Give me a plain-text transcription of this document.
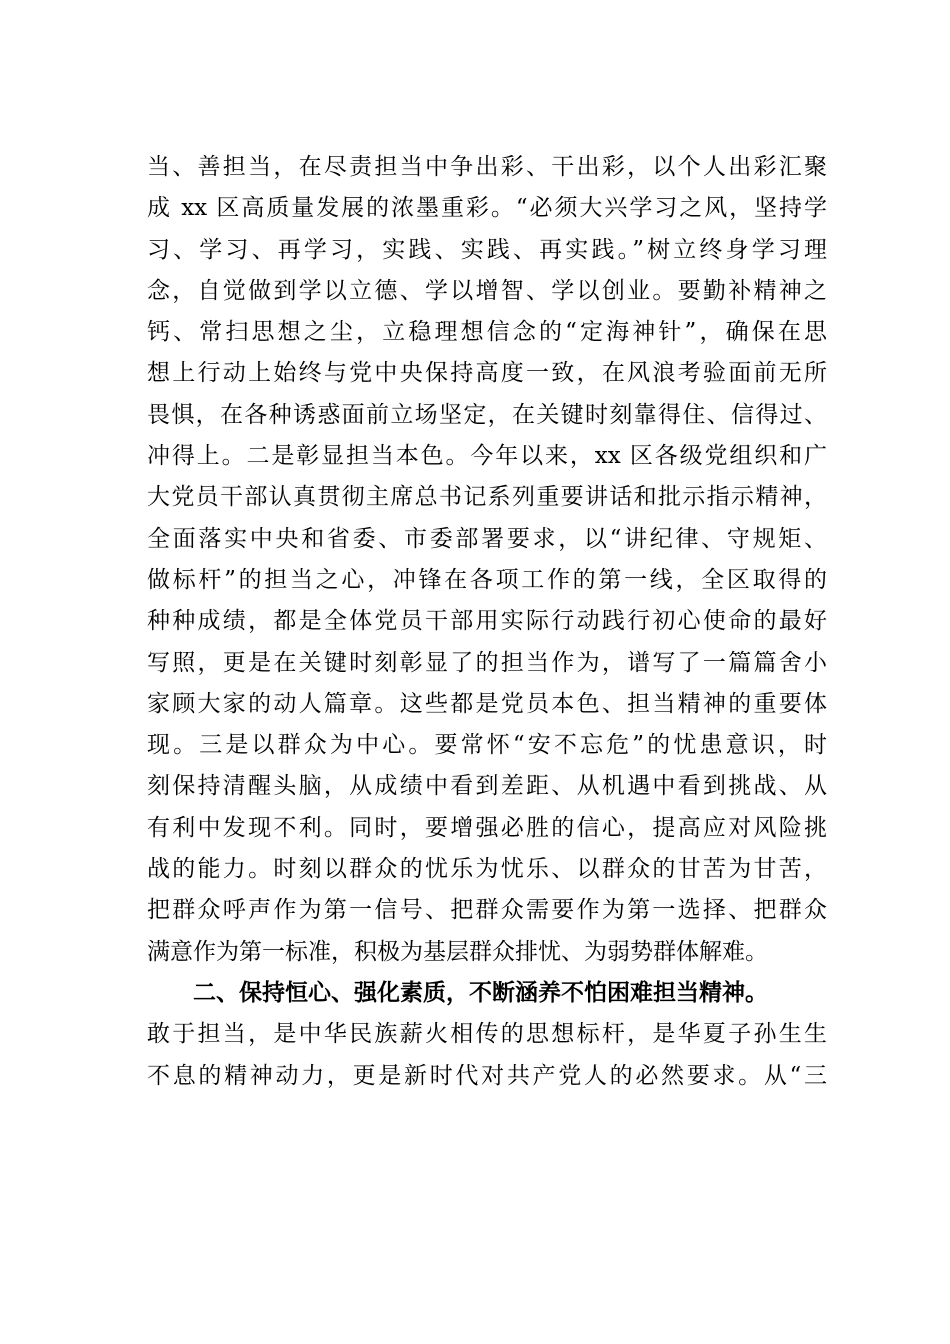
当、善担当，在尽责担当中争出彩、干出彩，以个人出彩汇聚
成 xx 区高质量发展的浓墨重彩。“必须大兴学习之风，坚持学
习、学习、再学习，实践、实践、再实践。”树立终身学习理
念，自觉做到学以立德、学以增智、学以创业。要勤补精神之
钙、常扫思想之尘，立稳理想信念的“定海神针”，确保在思
想上行动上始终与党中央保持高度一致，在风浪考验面前无所
畏惧，在各种诱惑面前立场坚定，在关键时刻靠得住、信得过、
冲得上。二是彰显担当本色。今年以来，xx 区各级党组织和广
大党员干部认真贯彻主席总书记系列重要讲话和批示指示精神，
全面落实中央和省委、市委部署要求，以“讲纪律、守规矩、
做标杆”的担当之心，冲锋在各项工作的第一线，全区取得的
种种成绩，都是全体党员干部用实际行动践行初心使命的最好
写照，更是在关键时刻彰显了的担当作为，谱写了一篇篇舍小
家顾大家的动人篇章。这些都是党员本色、担当精神的重要体
现。三是以群众为中心。要常怀“安不忘危”的忧患意识，时
刻保持清醒头脑，从成绩中看到差距、从机遇中看到挑战、从
有利中发现不利。同时，要增强必胜的信心，提高应对风险挑
战的能力。时刻以群众的忧乐为忧乐、以群众的甘苦为甘苦，
把群众呼声作为第一信号、把群众需要作为第一选择、把群众
满意作为第一标准，积极为基层群众排忧、为弱势群体解难。
二、保持恒心、强化素质，不断涵养不怕困难担当精神。
敢于担当，是中华民族薪火相传的思想标杆，是华夏子孙生生
不息的精神动力，更是新时代对共产党人的必然要求。从“三
